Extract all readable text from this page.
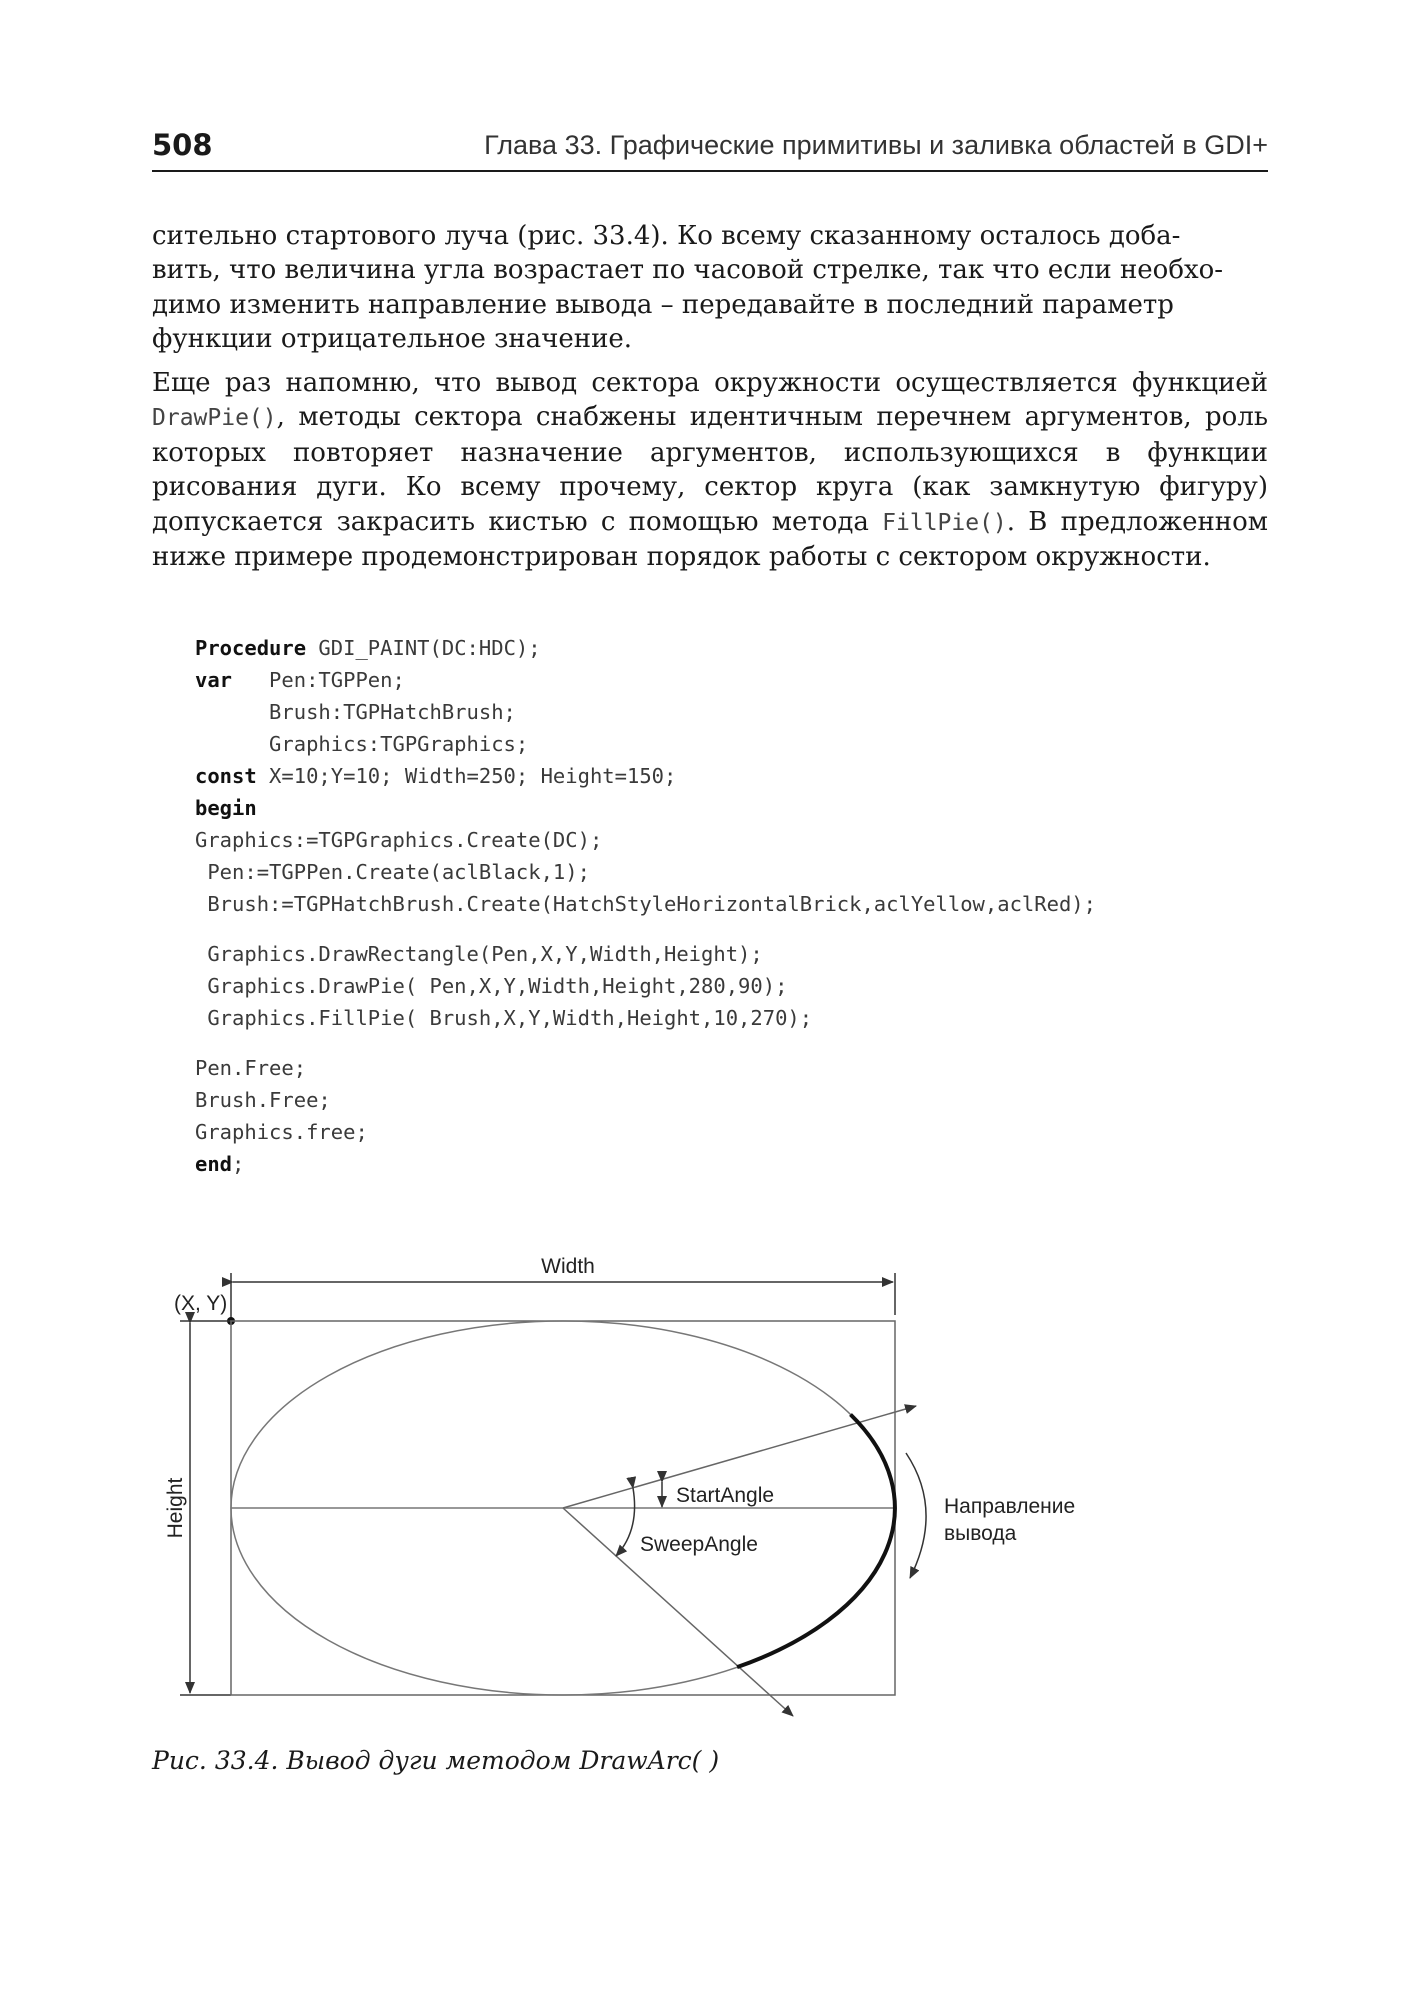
508	Глава 33. Графические примитивы и заливка областей в GDI+
сительно стартового луча (рис. 33.4). Ко всему сказанному осталось доба-
вить, что величина угла возрастает по часовой стрелке, так что если необхо-
димо изменить направление вывода – передавайте в последний параметр
функции отрицательное значение.

Еще раз напомню, что вывод сектора окружности осуществляется функцией DrawPie(), методы сектора снабжены идентичным перечнем аргументов, роль которых повторяет назначение аргументов, использующихся в функции рисования дуги. Ко всему прочему, сектор круга (как замкнутую фигуру) допускается закрасить кистью с помощью метода FillPie(). В предложенном ниже примере продемонстрирован порядок работы с сектором окружности.

Procedure GDI_PAINT(DC:HDC);
var   Pen:TGPPen;
Brush:TGPHatchBrush;
Graphics:TGPGraphics;
const X=10;Y=10; Width=250; Height=150;
begin
Graphics:=TGPGraphics.Create(DC);
Pen:=TGPPen.Create(aclBlack,1);
Brush:=TGPHatchBrush.Create(HatchStyleHorizontalBrick,aclYellow,aclRed);
Graphics.DrawRectangle(Pen,X,Y,Width,Height);
Graphics.DrawPie( Pen,X,Y,Width,Height,280,90);
Graphics.FillPie( Brush,X,Y,Width,Height,10,270);
Pen.Free;
Brush.Free;
Graphics.free;
end;
Width
(X, Y)
Height	StartAngle
SweepAngle
Направление
вывода
Рис. 33.4. Вывод дуги методом DrawArc( )
